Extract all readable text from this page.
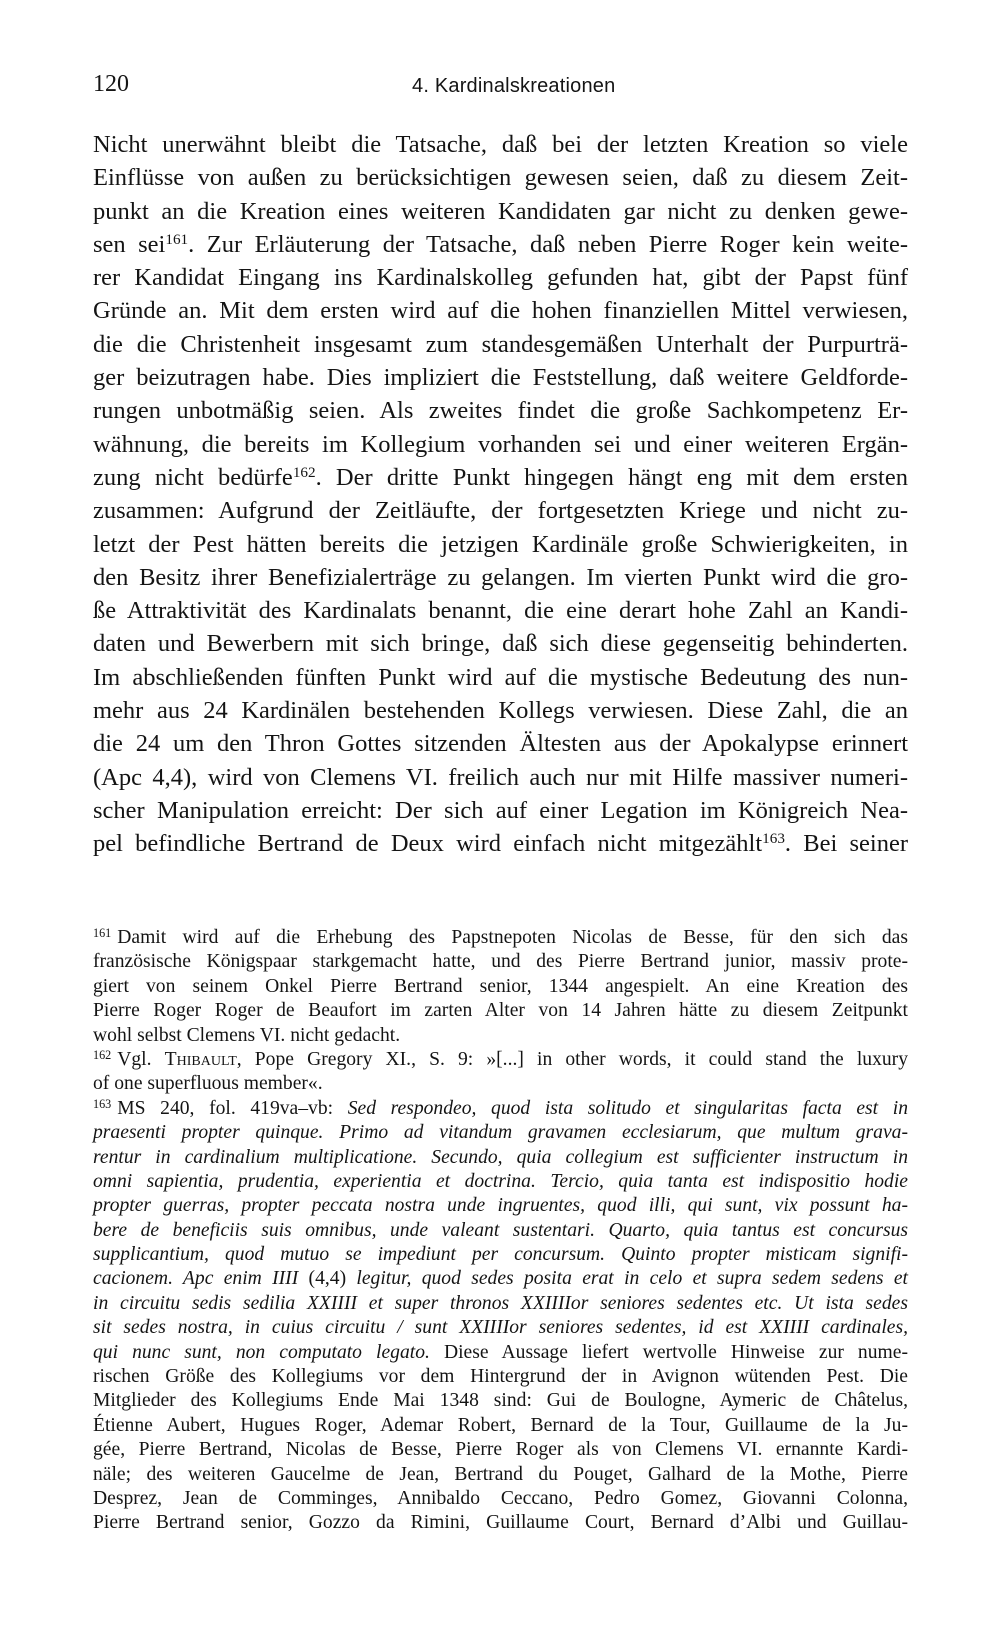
120	4. Kardinalskreationen
Nicht unerwähnt bleibt die Tatsache, daß bei der letzten Kreation so viele
Einflüsse von außen zu berücksichtigen gewesen seien, daß zu diesem Zeit-
punkt an die Kreation eines weiteren Kandidaten gar nicht zu denken gewe-
sen sei$^{161}$. Zur Erläuterung der Tatsache, daß neben Pierre Roger kein weite-
rer Kandidat Eingang ins Kardinalskolleg gefunden hat, gibt der Papst fünf
Gründe an. Mit dem ersten wird auf die hohen finanziellen Mittel verwiesen,
die die Christenheit insgesamt zum standesgemäßen Unterhalt der Purpurträ-
ger beizutragen habe. Dies impliziert die Feststellung, daß weitere Geldforde-
rungen unbotmäßig seien. Als zweites findet die große Sachkompetenz Er-
wähnung, die bereits im Kollegium vorhanden sei und einer weiteren Ergän-
zung nicht bedürfe$^{162}$. Der dritte Punkt hingegen hängt eng mit dem ersten
zusammen: Aufgrund der Zeitläufte, der fortgesetzten Kriege und nicht zu-
letzt der Pest hätten bereits die jetzigen Kardinäle große Schwierigkeiten, in
den Besitz ihrer Benefizialerträge zu gelangen. Im vierten Punkt wird die gro-
ße Attraktivität des Kardinalats benannt, die eine derart hohe Zahl an Kandi-
daten und Bewerbern mit sich bringe, daß sich diese gegenseitig behinderten.
Im abschließenden fünften Punkt wird auf die mystische Bedeutung des nun-
mehr aus 24 Kardinälen bestehenden Kollegs verwiesen. Diese Zahl, die an
die 24 um den Thron Gottes sitzenden Ältesten aus der Apokalypse erinnert
(Apc 4,4), wird von Clemens VI. freilich auch nur mit Hilfe massiver numeri-
scher Manipulation erreicht: Der sich auf einer Legation im Königreich Nea-
pel befindliche Bertrand de Deux wird einfach nicht mitgezählt$^{163}$. Bei seiner
$^{161}$ Damit wird auf die Erhebung des Papstnepoten Nicolas de Besse, für den sich das
französische Königspaar starkgemacht hatte, und des Pierre Bertrand junior, massiv prote-
giert von seinem Onkel Pierre Bertrand senior, 1344 angespielt. An eine Kreation des
Pierre Roger Roger de Beaufort im zarten Alter von 14 Jahren hätte zu diesem Zeitpunkt
wohl selbst Clemens VI. nicht gedacht.
$^{162}$ Vgl. Thibault, Pope Gregory XI., S. 9: »[...] in other words, it could stand the luxury
of one superfluous member«.
$^{163}$ MS 240, fol. 419va–vb: Sed respondeo, quod ista solitudo et singularitas facta est in
praesenti propter quinque. Primo ad vitandum gravamen ecclesiarum, que multum grava-
rentur in cardinalium multiplicatione. Secundo, quia collegium est sufficienter instructum in
omni sapientia, prudentia, experientia et doctrina. Tercio, quia tanta est indispositio hodie
propter guerras, propter peccata nostra unde ingruentes, quod illi, qui sunt, vix possunt ha-
bere de beneficiis suis omnibus, unde valeant sustentari. Quarto, quia tantus est concursus
supplicantium, quod mutuo se impediunt per concursum. Quinto propter misticam signifi-
cacionem. Apc enim IIII (4,4) legitur, quod sedes posita erat in celo et supra sedem sedens et
in circuitu sedis sedilia XXIIII et super thronos XXIIIIor seniores sedentes etc. Ut ista sedes
sit sedes nostra, in cuius circuitu / sunt XXIIIIor seniores sedentes, id est XXIIII cardinales,
qui nunc sunt, non computato legato. Diese Aussage liefert wertvolle Hinweise zur nume-
rischen Größe des Kollegiums vor dem Hintergrund der in Avignon wütenden Pest. Die
Mitglieder des Kollegiums Ende Mai 1348 sind: Gui de Boulogne, Aymeric de Châtelus,
Étienne Aubert, Hugues Roger, Ademar Robert, Bernard de la Tour, Guillaume de la Ju-
gée, Pierre Bertrand, Nicolas de Besse, Pierre Roger als von Clemens VI. ernannte Kardi-
näle; des weiteren Gaucelme de Jean, Bertrand du Pouget, Galhard de la Mothe, Pierre
Desprez, Jean de Comminges, Annibaldo Ceccano, Pedro Gomez, Giovanni Colonna,
Pierre Bertrand senior, Gozzo da Rimini, Guillaume Court, Bernard d’Albi und Guillau-
